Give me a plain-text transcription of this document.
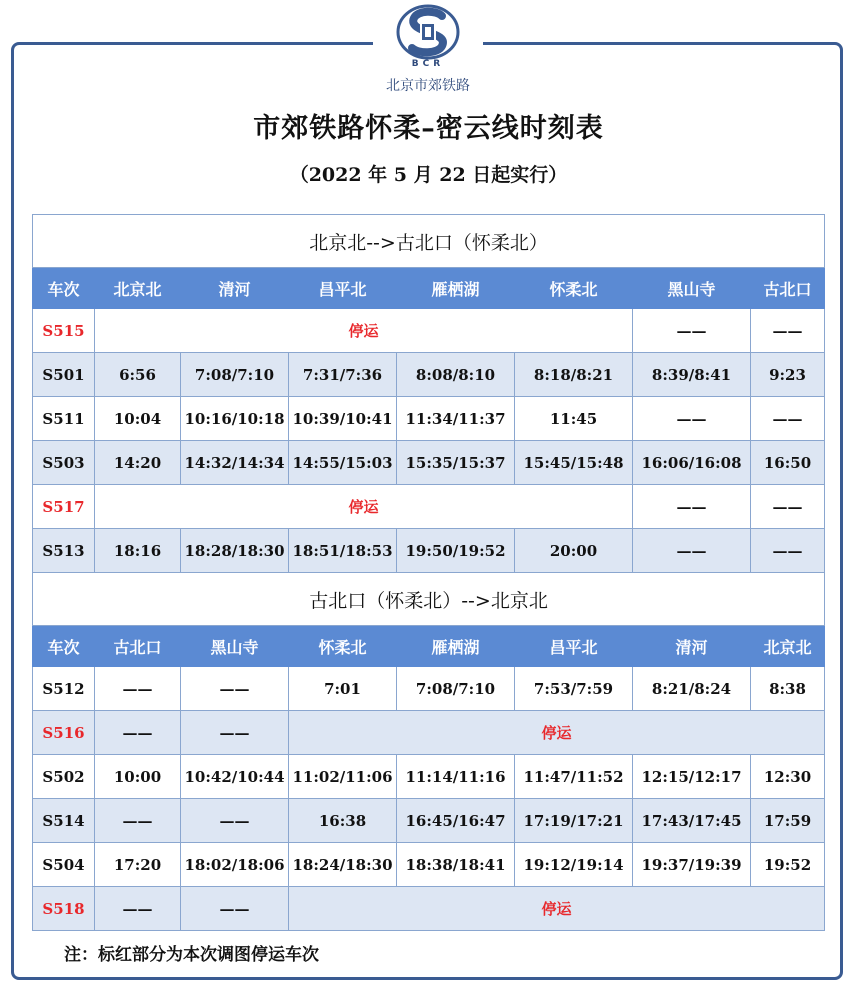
BCR
北京市郊铁路
市郊铁路怀柔–密云线时刻表
（2022 年 5 月 22 日起实行）
北京北-->古北口（怀柔北）							
车次	北京北	清河	昌平北	雁栖湖	怀柔北	黑山寺	古北口
S515	停运					——	——
S501	6:56	7:08/7:10	7:31/7:36	8:08/8:10	8:18/8:21	8:39/8:41	9:23
S511	10:04	10:16/10:18	10:39/10:41	11:34/11:37	11:45	——	——
S503	14:20	14:32/14:34	14:55/15:03	15:35/15:37	15:45/15:48	16:06/16:08	16:50
S517	停运					——	——
S513	18:16	18:28/18:30	18:51/18:53	19:50/19:52	20:00	——	——
古北口（怀柔北）-->北京北							
车次	古北口	黑山寺	怀柔北	雁栖湖	昌平北	清河	北京北
S512	——	——	7:01	7:08/7:10	7:53/7:59	8:21/8:24	8:38
S516	——	——	停运				
S502	10:00	10:42/10:44	11:02/11:06	11:14/11:16	11:47/11:52	12:15/12:17	12:30
S514	——	——	16:38	16:45/16:47	17:19/17:21	17:43/17:45	17:59
S504	17:20	18:02/18:06	18:24/18:30	18:38/18:41	19:12/19:14	19:37/19:39	19:52
S518	——	——	停运				
注：标红部分为本次调图停运车次
